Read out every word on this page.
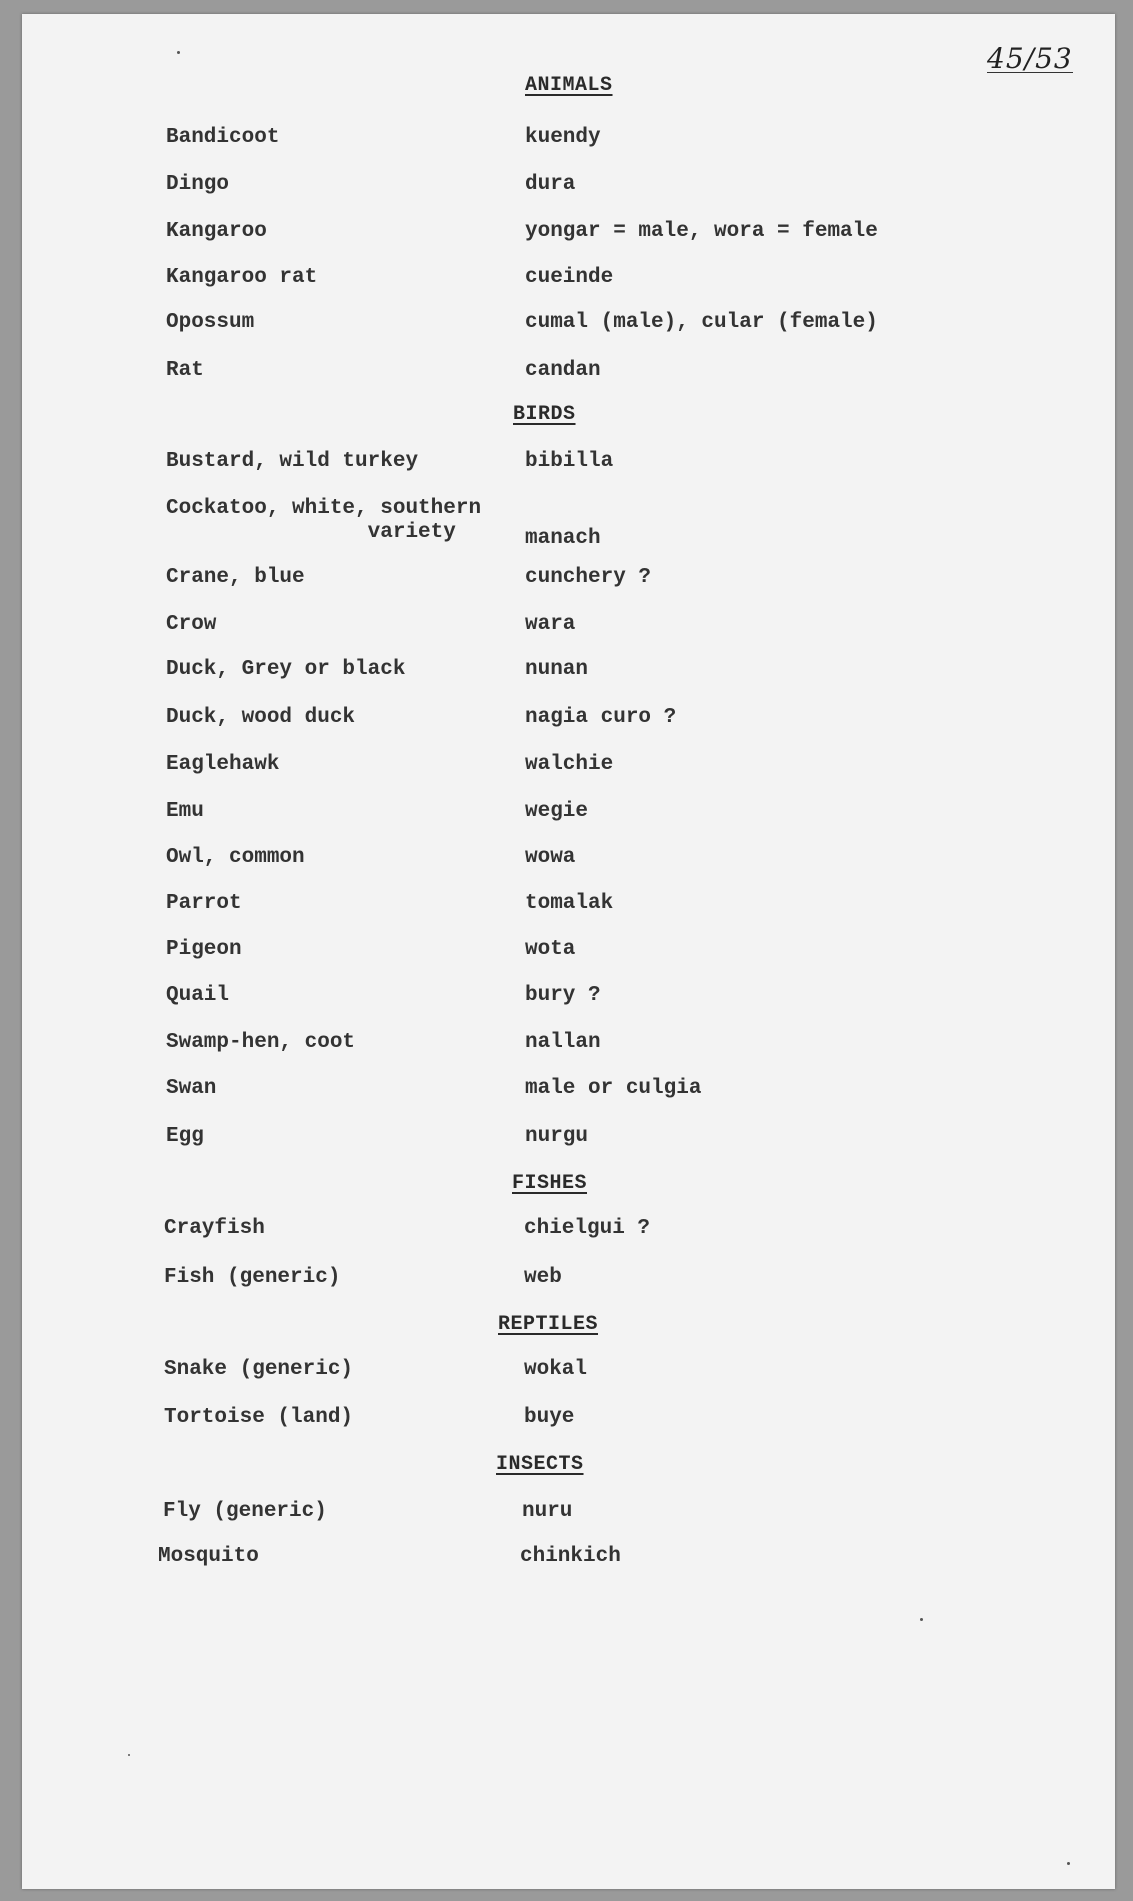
45/53
ANIMALS
Bandicoot	kuendy
Dingo	dura
Kangaroo	yongar = male, wora = female
Kangaroo rat	cueinde
Opossum	cumal (male), cular (female)
Rat	candan
BIRDS
Bustard, wild turkey	bibilla
Cockatoo, white, southern
variety	manach
Crane, blue	cunchery ?
Crow	wara
Duck, Grey or black	nunan
Duck, wood duck	nagia curo ?
Eaglehawk	walchie
Emu	wegie
Owl, common	wowa
Parrot	tomalak
Pigeon	wota
Quail	bury ?
Swamp-hen, coot	nallan
Swan	male or culgia
Egg	nurgu
FISHES
Crayfish	chielgui ?
Fish (generic)	web
REPTILES
Snake (generic)	wokal
Tortoise (land)	buye
INSECTS
Fly (generic)	nuru
Mosquito	chinkich
